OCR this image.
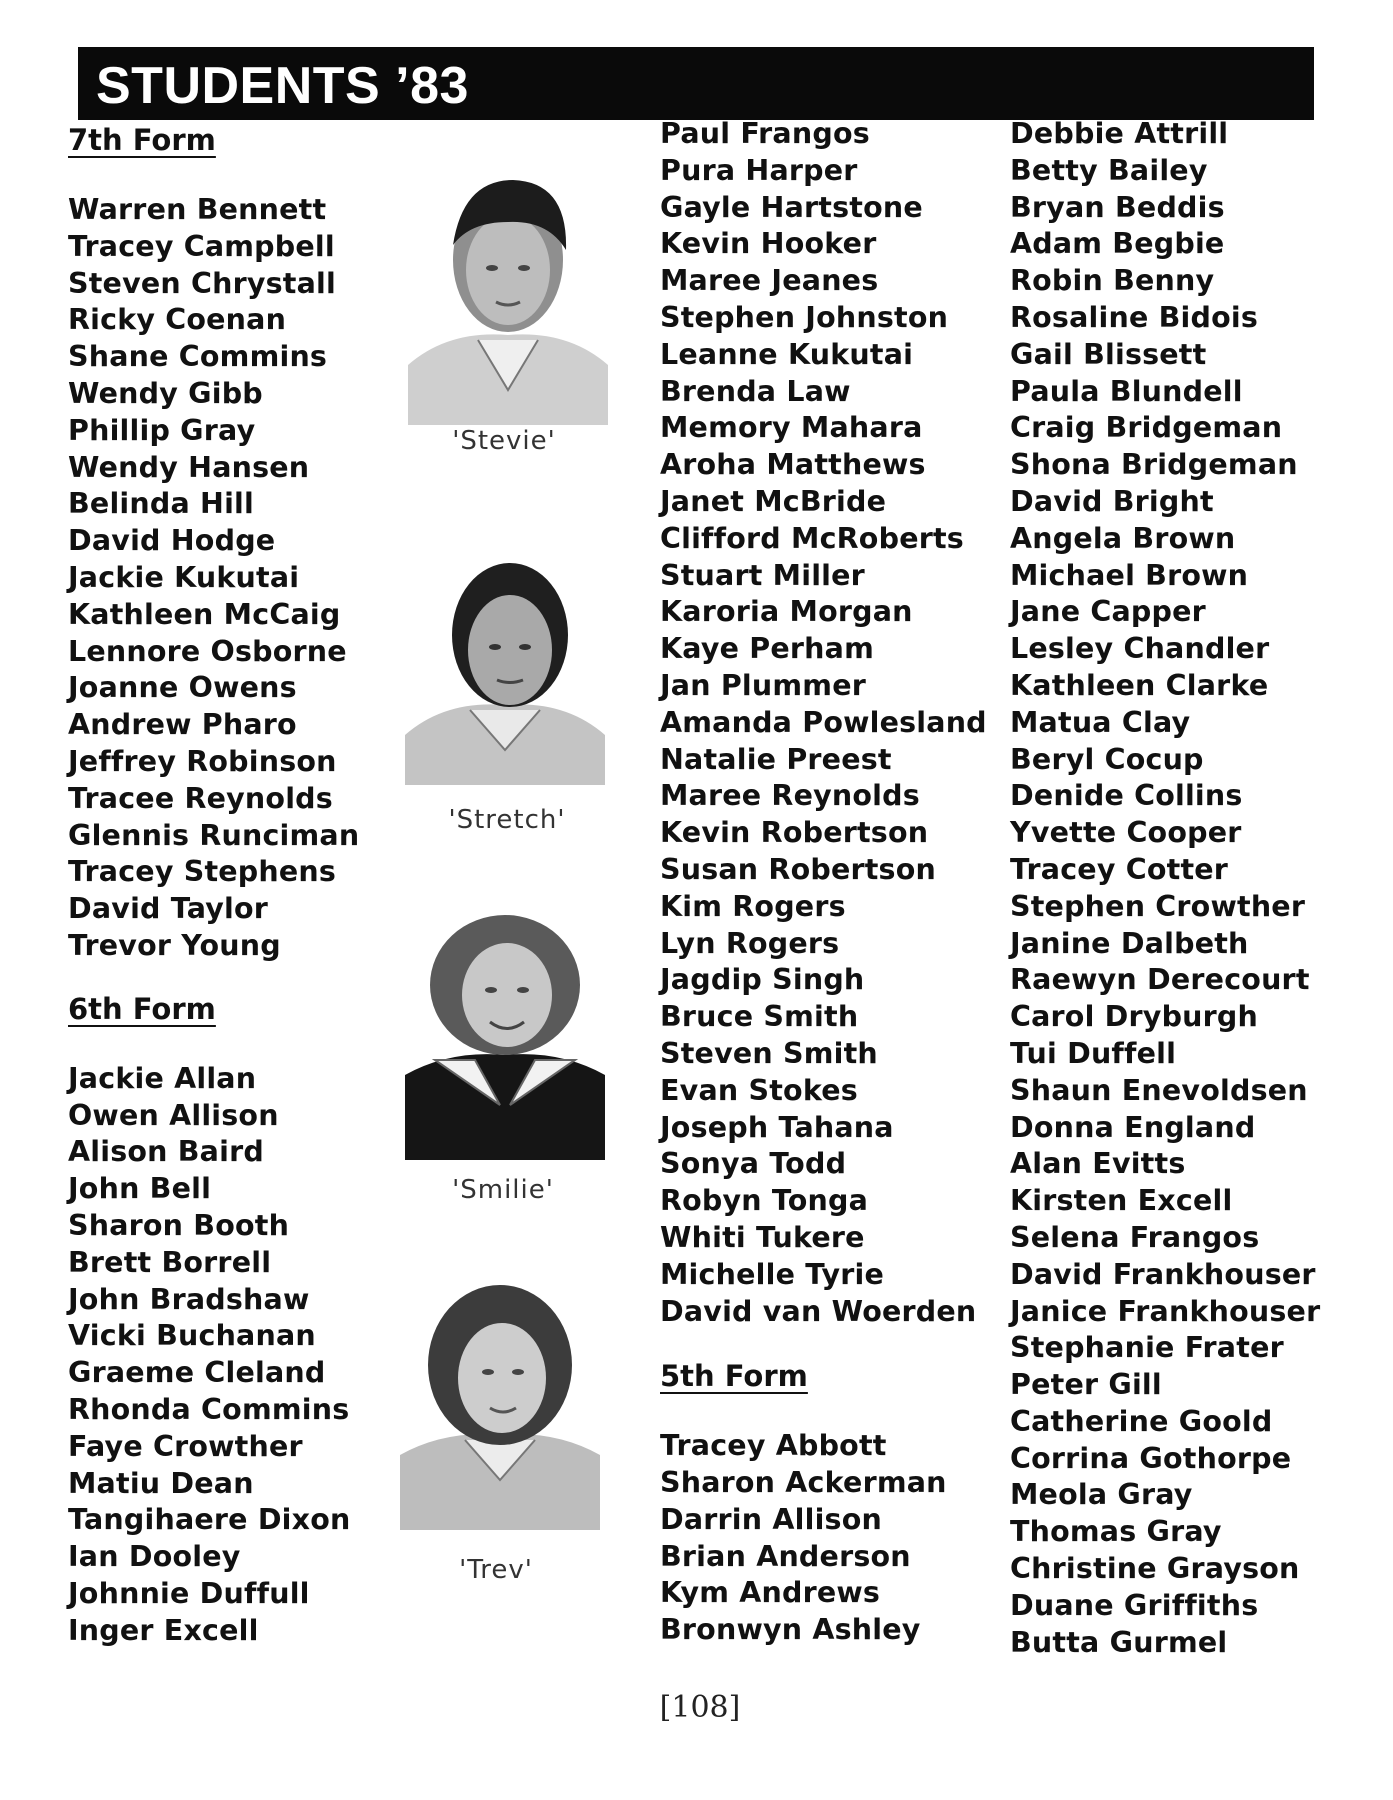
STUDENTS ’83
7th Form
Warren Bennett
Tracey Campbell
Steven Chrystall
Ricky Coenan
Shane Commins
Wendy Gibb
Phillip Gray
Wendy Hansen
Belinda Hill
David Hodge
Jackie Kukutai
Kathleen McCaig
Lennore Osborne
Joanne Owens
Andrew Pharo
Jeffrey Robinson
Tracee Reynolds
Glennis Runciman
Tracey Stephens
David Taylor
Trevor Young
6th Form
Jackie Allan
Owen Allison
Alison Baird
John Bell
Sharon Booth
Brett Borrell
John Bradshaw
Vicki Buchanan
Graeme Cleland
Rhonda Commins
Faye Crowther
Matiu Dean
Tangihaere Dixon
Ian Dooley
Johnnie Duffull
Inger Excell
'Stevie'
'Stretch'
'Smilie'
'Trev'
Paul Frangos
Pura Harper
Gayle Hartstone
Kevin Hooker
Maree Jeanes
Stephen Johnston
Leanne Kukutai
Brenda Law
Memory Mahara
Aroha Matthews
Janet McBride
Clifford McRoberts
Stuart Miller
Karoria Morgan
Kaye Perham
Jan Plummer
Amanda Powlesland
Natalie Preest
Maree Reynolds
Kevin Robertson
Susan Robertson
Kim Rogers
Lyn Rogers
Jagdip Singh
Bruce Smith
Steven Smith
Evan Stokes
Joseph Tahana
Sonya Todd
Robyn Tonga
Whiti Tukere
Michelle Tyrie
David van Woerden
5th Form
Tracey Abbott
Sharon Ackerman
Darrin Allison
Brian Anderson
Kym Andrews
Bronwyn Ashley
Debbie Attrill
Betty Bailey
Bryan Beddis
Adam Begbie
Robin Benny
Rosaline Bidois
Gail Blissett
Paula Blundell
Craig Bridgeman
Shona Bridgeman
David Bright
Angela Brown
Michael Brown
Jane Capper
Lesley Chandler
Kathleen Clarke
Matua Clay
Beryl Cocup
Denide Collins
Yvette Cooper
Tracey Cotter
Stephen Crowther
Janine Dalbeth
Raewyn Derecourt
Carol Dryburgh
Tui Duffell
Shaun Enevoldsen
Donna England
Alan Evitts
Kirsten Excell
Selena Frangos
David Frankhouser
Janice Frankhouser
Stephanie Frater
Peter Gill
Catherine Goold
Corrina Gothorpe
Meola Gray
Thomas Gray
Christine Grayson
Duane Griffiths
Butta Gurmel
[108]
